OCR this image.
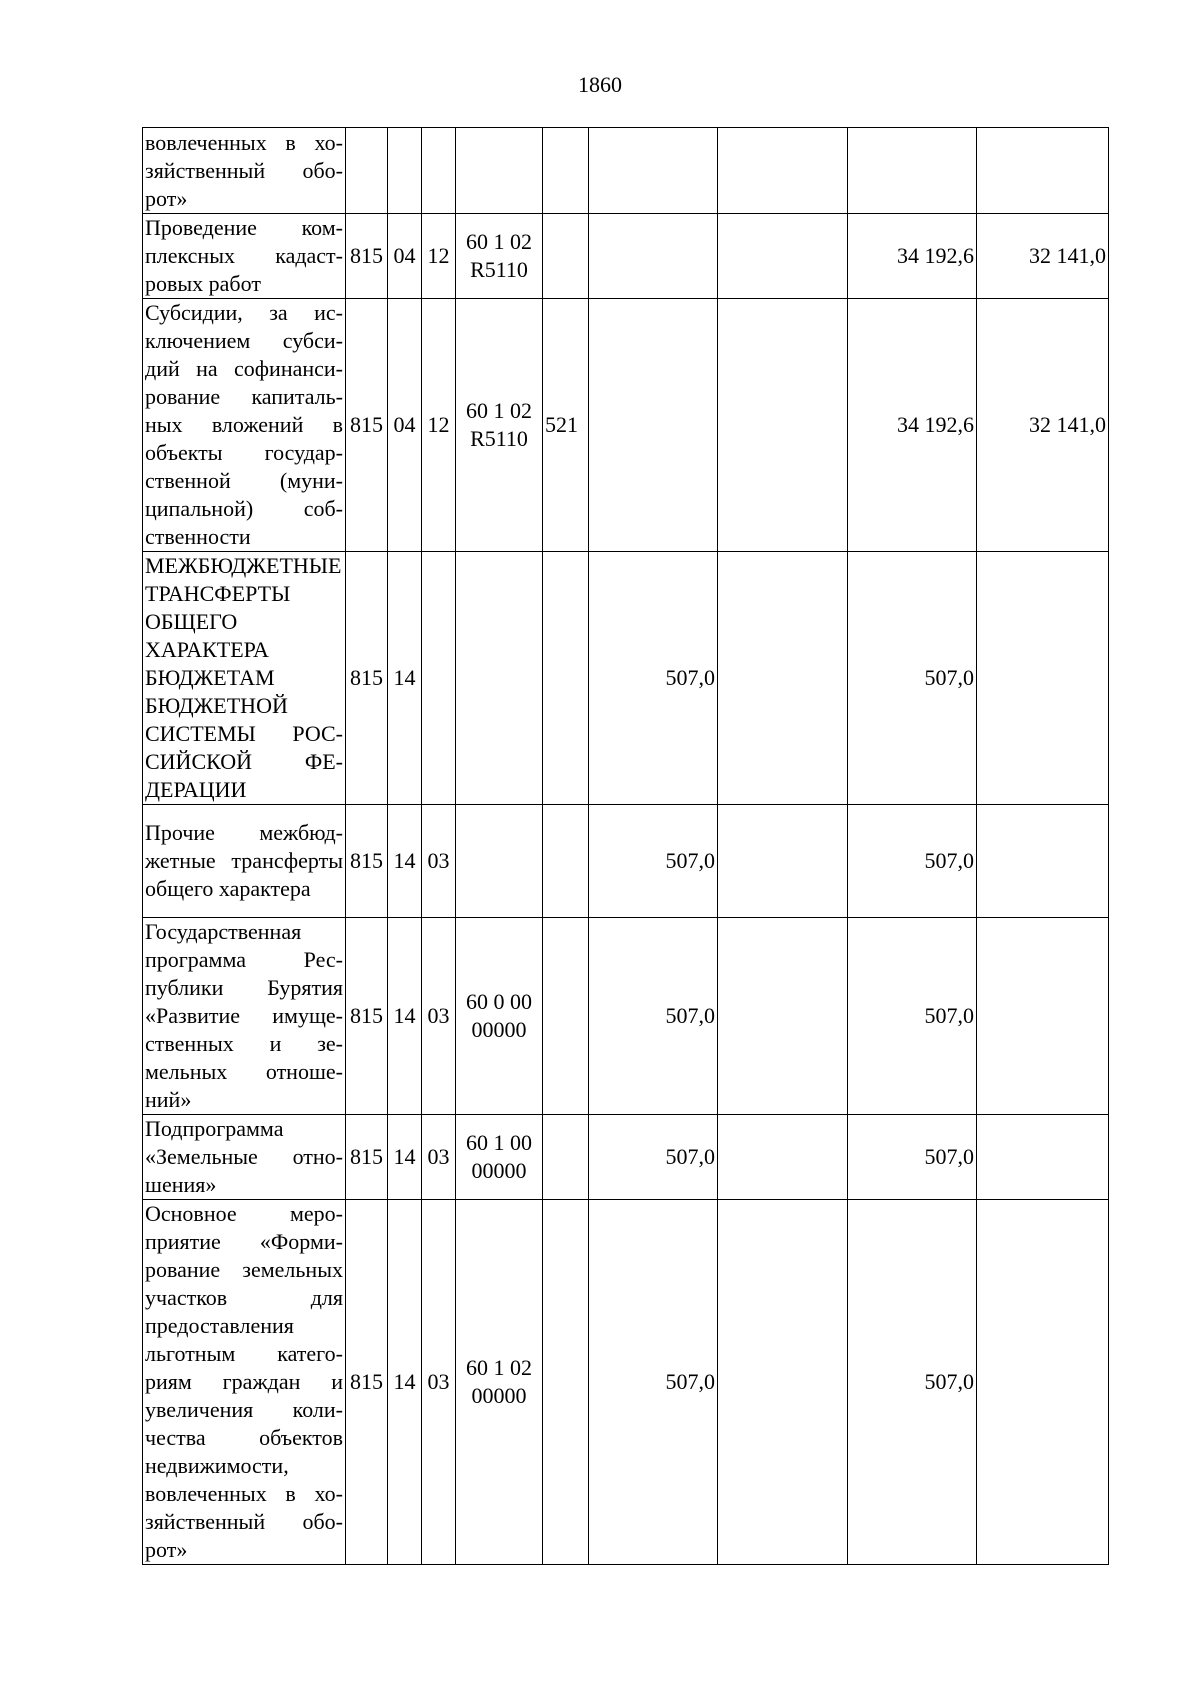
1860
вовлеченных в хозяйственный оборот»									
Проведение комплексных кадастровых работ	815	04	12	60 1 02 R5110				34 192,6	32 141,0
Субсидии, за исключением субсидий на софинансирование капитальных вложений в объекты государственной (муниципальной) собственности	815	04	12	60 1 02 R5110	521			34 192,6	32 141,0
МЕЖБЮДЖЕТНЫЕ ТРАНСФЕРТЫ ОБЩЕГО ХАРАКТЕРА БЮДЖЕТАМ БЮДЖЕТНОЙ СИСТЕМЫ РОССИЙСКОЙ ФЕДЕРАЦИИ	815	14				507,0		507,0	
Прочие межбюджетные трансферты общего характера	815	14	03			507,0		507,0	
Государственная программа Республики Бурятия «Развитие имущественных и земельных отношений»	815	14	03	60 0 00 00000		507,0		507,0	
Подпрограмма «Земельные отношения»	815	14	03	60 1 00 00000		507,0		507,0	
Основное мероприятие «Формирование земельных участков для предоставления льготным категориям граждан и увеличения количества объектов недвижимости, вовлеченных в хозяйственный оборот»	815	14	03	60 1 02 00000		507,0		507,0	
